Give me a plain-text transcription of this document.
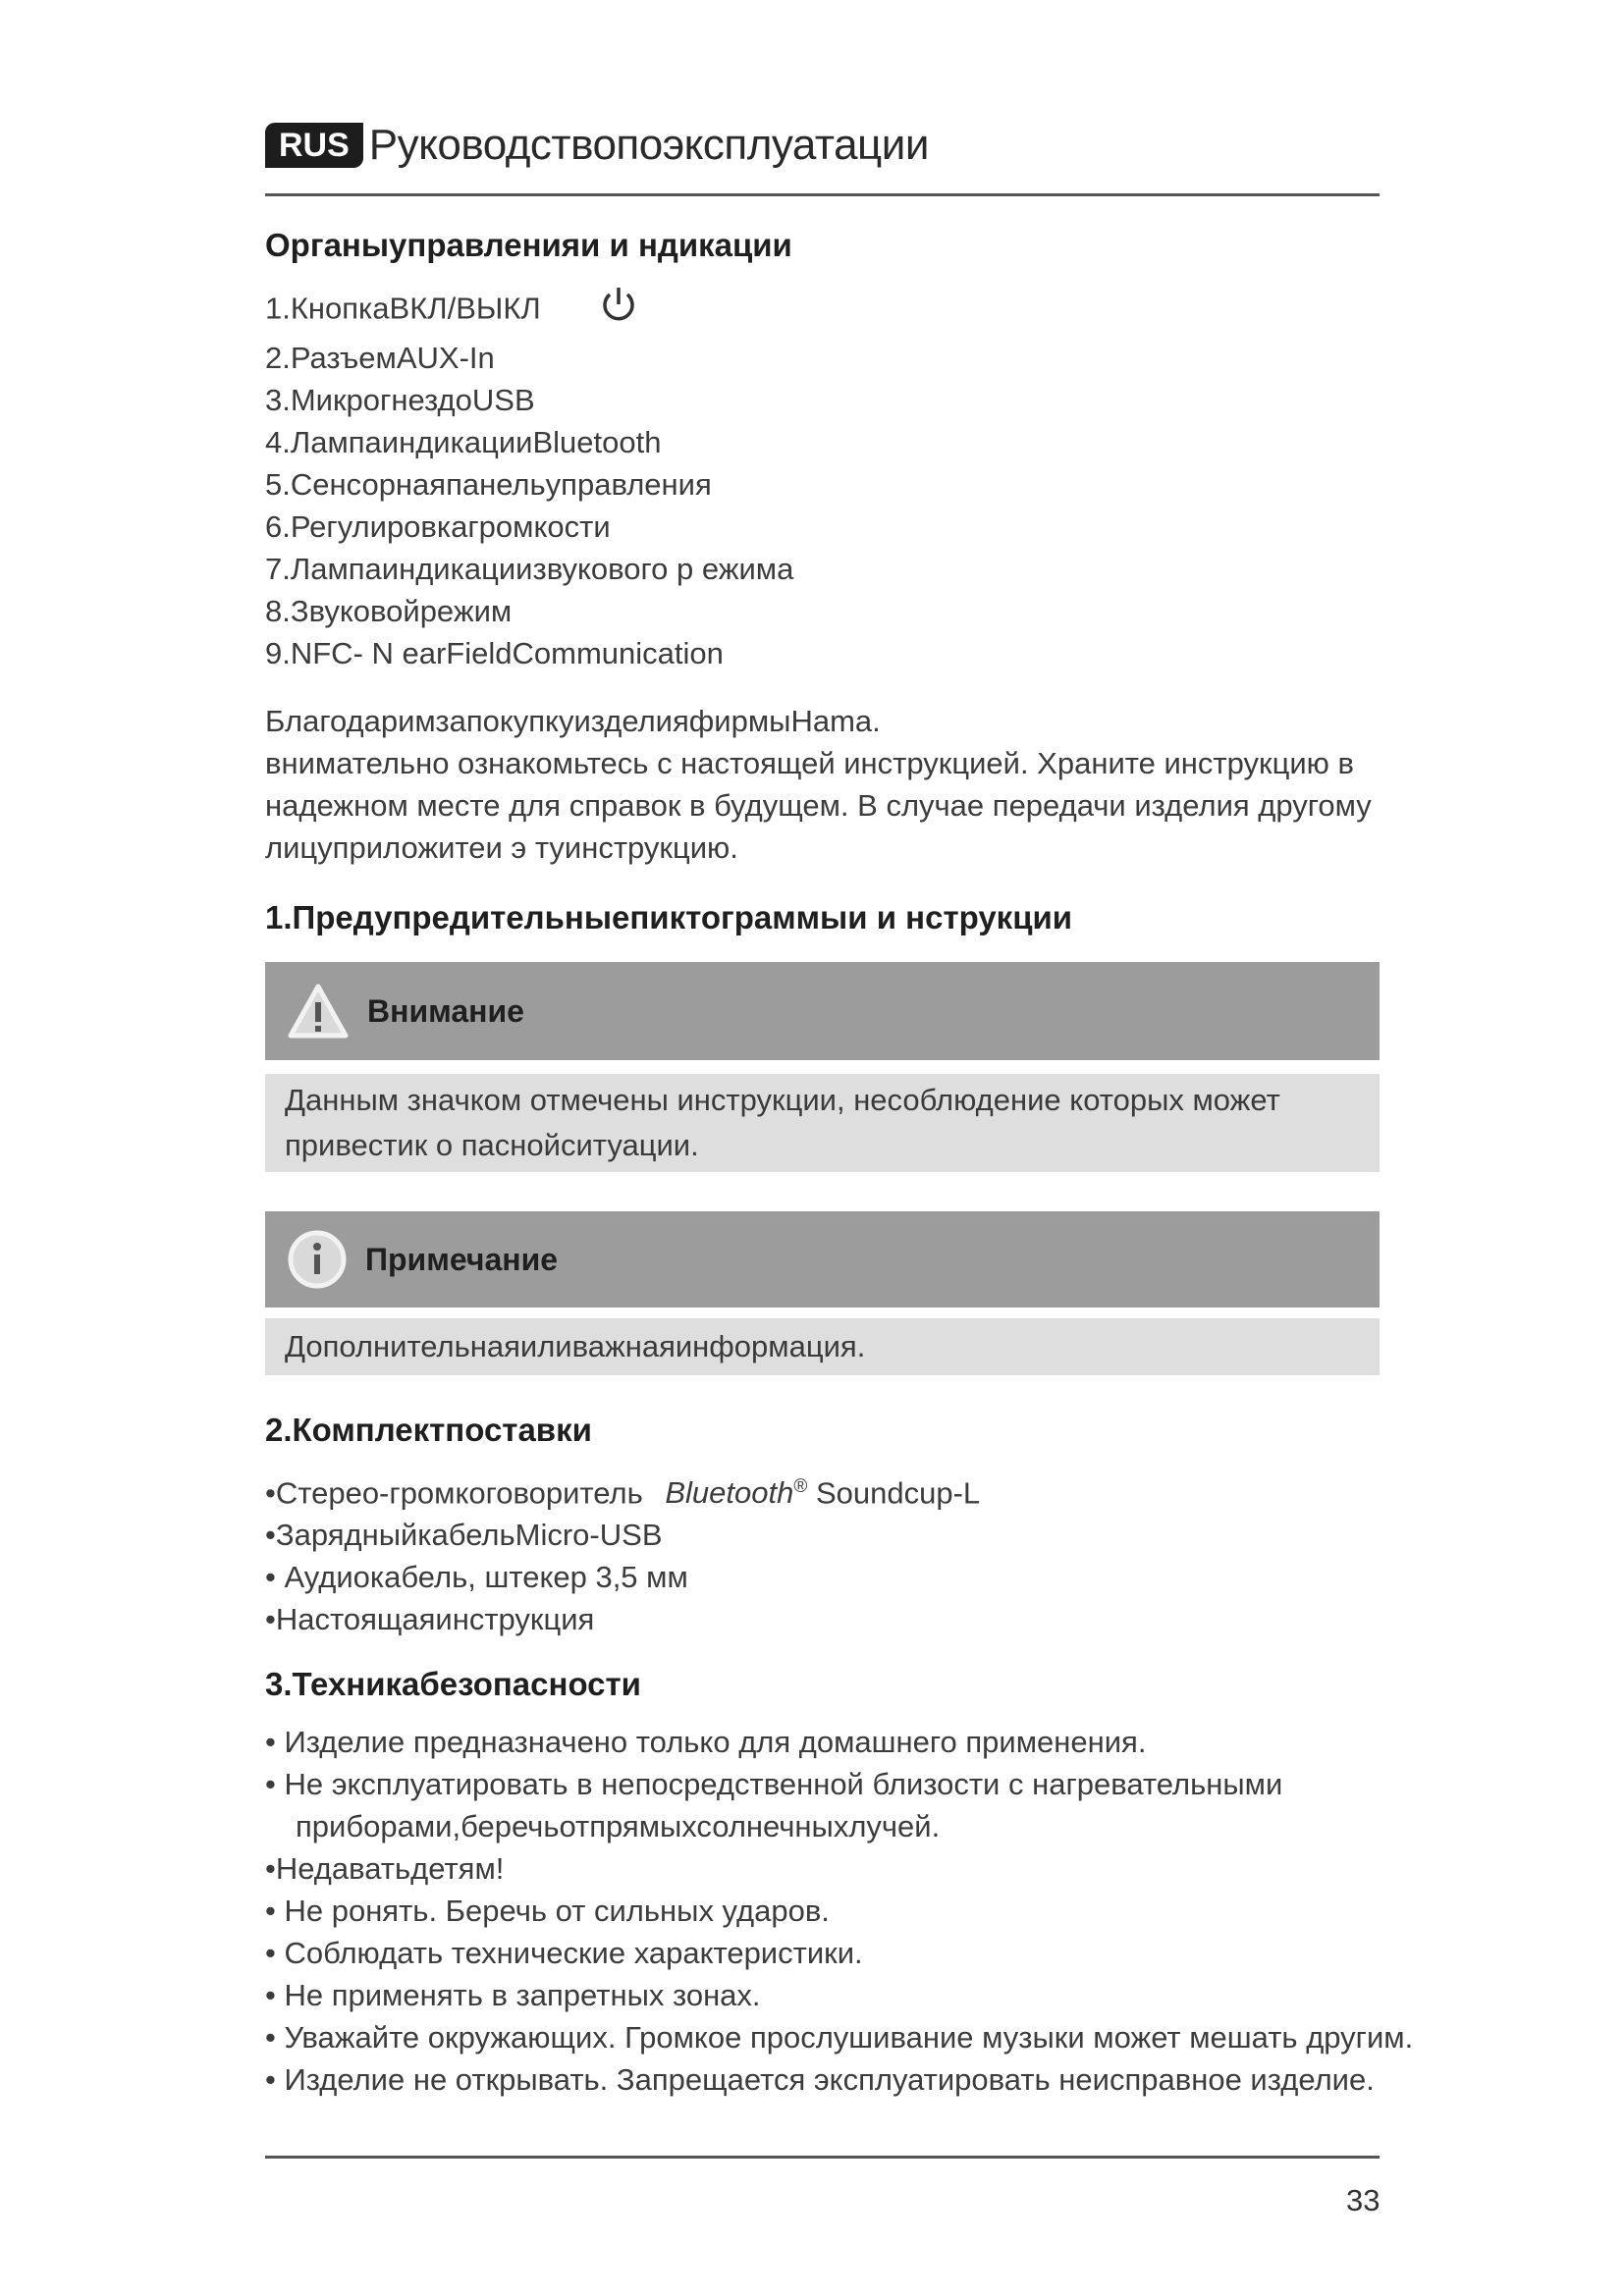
RUS Руководствопоэксплуатации
Органыуправленияи и ндикации
1.КнопкаВКЛ/ВЫКЛ
2.РазъемAUX-In
3.МикрогнездоUSB
4.ЛампаиндикацииBluetooth
5.Сенсорнаяпанельуправления
6.Регулировкагромкости
7.Лампаиндикациизвукового р ежима
8.Звуковойрежим
9.NFC- N earFieldCommunication
БлагодаримзапокупкуизделияфирмыHama.
внимательно ознакомьтесь с настоящей инструкцией. Храните инструкцию в
надежном месте для справок в будущем. В случае передачи изделия другому
лицуприложитеи э туинструкцию.
1.Предупредительныепиктограммыи и нструкции
Внимание
Данным значком отмечены инструкции, несоблюдение которых может
привестик о паснойситуации.
Примечание
Дополнительнаяиливажнаяинформация.
2.Комплектпоставки
•Стерео-громкоговоритель Bluetooth® Soundcup-L
•ЗарядныйкабельMicro-USB
• Аудиокабель, штекер 3,5 мм
•Настоящаяинструкция
3.Техникабезопасности
• Изделие предназначено только для домашнего применения.
• Не эксплуатировать в непосредственной близости с нагревательными
приборами,беречьотпрямыхсолнечныхлучей.
•Недаватьдетям!
• Не ронять. Беречь от сильных ударов.
• Соблюдать технические характеристики.
• Не применять в запретных зонах.
• Уважайте окружающих. Громкое прослушивание музыки может мешать другим.
• Изделие не открывать. Запрещается эксплуатировать неисправное изделие.
33
